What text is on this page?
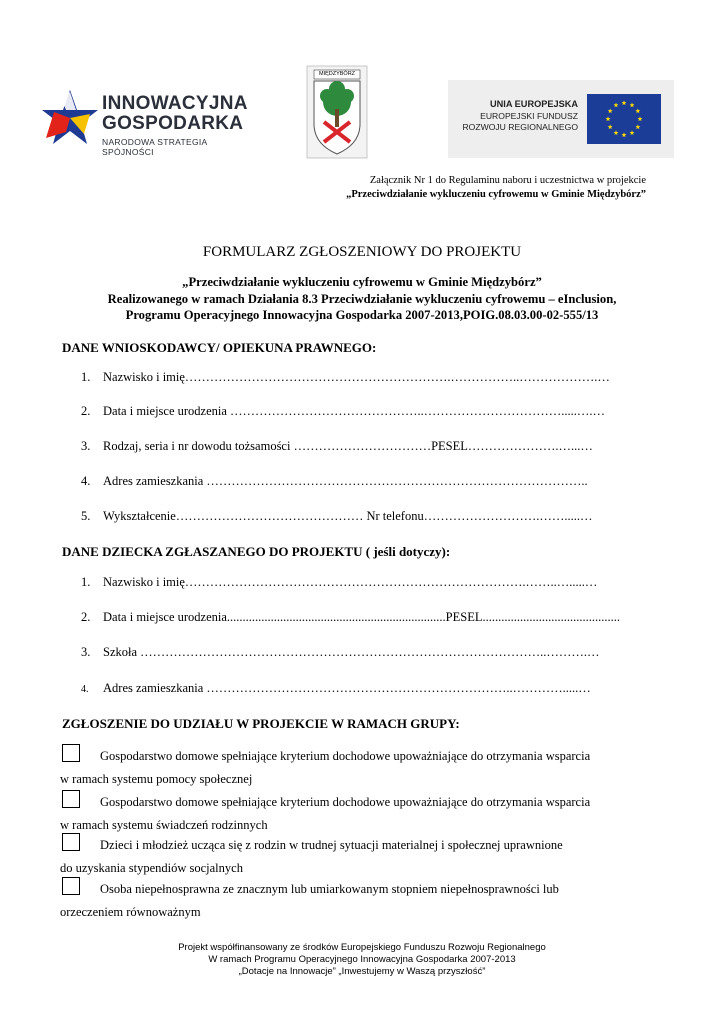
INNOWACYJNA
GOSPODARKA
NARODOWA STRATEGIA SPÓJNOŚCI
MIĘDZYBÓRZ
UNIA EUROPEJSKA
EUROPEJSKI FUNDUSZ
ROZWOJU REGIONALNEGO
Załącznik Nr 1 do Regulaminu naboru i uczestnictwa w projekcie
„Przeciwdziałanie wykluczeniu cyfrowemu w Gminie Międzybórz”
FORMULARZ ZGŁOSZENIOWY DO PROJEKTU
„Przeciwdziałanie wykluczeniu cyfrowemu w Gminie Międzybórz”
Realizowanego w ramach Działania 8.3 Przeciwdziałanie wykluczeniu cyfrowemu – eInclusion,
Programu Operacyjnego Innowacyjna Gospodarka 2007-2013,POIG.08.03.00-02-555/13
DANE WNIOSKODAWCY/ OPIEKUNA PRAWNEGO:
1. Nazwisko i imię……………………………………………………….……………..……………….…
2. Data i miejsce urodzenia ………………………………………..…………………………….....….…
3. Rodzaj, seria i nr dowodu tożsamości ……………………………PESEL………………….…...…
4. Adres zamieszkania ………………………………………………………………………………..
5. Wykształcenie……………………………………… Nr telefonu……………………….…….....…
DANE DZIECKA ZGŁASZANEGO DO PROJEKTU ( jeśli dotyczy):
1. Nazwisko i imię……………………………………………………………………….……..….....…
2. Data i miejsce urodzenia......................................................................PESEL............................................
3. Szkoła ……………………………………………………………………………………..……….…
4. Adres zamieszkania ………………………………………………………………..………….....…
ZGŁOSZENIE DO UDZIAŁU W PROJEKCIE W RAMACH GRUPY:
Gospodarstwo domowe spełniające kryterium dochodowe upoważniające do otrzymania wsparcia
w ramach systemu pomocy społecznej
Gospodarstwo domowe spełniające kryterium dochodowe upoważniające do otrzymania wsparcia
w ramach systemu świadczeń rodzinnych
Dzieci i młodzież ucząca się z rodzin w trudnej sytuacji materialnej i społecznej uprawnione
do uzyskania stypendiów socjalnych
Osoba niepełnosprawna ze znacznym lub umiarkowanym stopniem niepełnosprawności lub
orzeczeniem równoważnym
Projekt współfinansowany ze środków Europejskiego Funduszu Rozwoju Regionalnego
W ramach Programu Operacyjnego Innowacyjna Gospodarka 2007-2013
„Dotacje na Innowacje” „Inwestujemy w Waszą przyszłość”
